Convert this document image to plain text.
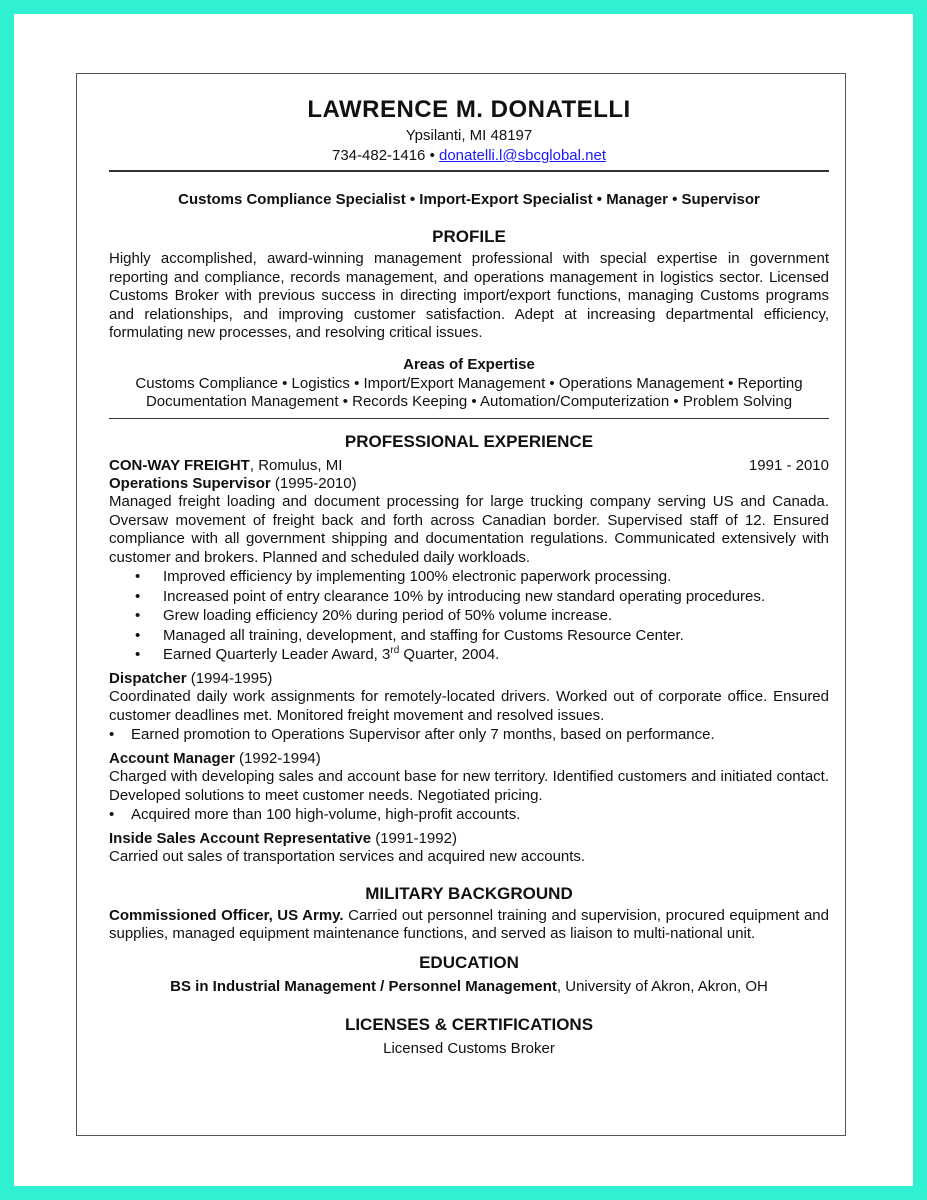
LAWRENCE M. DONATELLI
Ypsilanti, MI 48197
734-482-1416 • donatelli.l@sbcglobal.net
Customs Compliance Specialist • Import-Export Specialist • Manager • Supervisor
PROFILE
Highly accomplished, award-winning management professional with special expertise in government reporting and compliance, records management, and operations management in logistics sector. Licensed Customs Broker with previous success in directing import/export functions, managing Customs programs and relationships, and improving customer satisfaction. Adept at increasing departmental efficiency, formulating new processes, and resolving critical issues.
Areas of Expertise
Customs Compliance • Logistics • Import/Export Management • Operations Management • Reporting
Documentation Management • Records Keeping • Automation/Computerization • Problem Solving
PROFESSIONAL EXPERIENCE
CON-WAY FREIGHT, Romulus, MI	1991 - 2010
Operations Supervisor (1995-2010)
Managed freight loading and document processing for large trucking company serving US and Canada. Oversaw movement of freight back and forth across Canadian border. Supervised staff of 12. Ensured compliance with all government shipping and documentation regulations. Communicated extensively with customer and brokers. Planned and scheduled daily workloads.
• Improved efficiency by implementing 100% electronic paperwork processing.
• Increased point of entry clearance 10% by introducing new standard operating procedures.
• Grew loading efficiency 20% during period of 50% volume increase.
• Managed all training, development, and staffing for Customs Resource Center.
• Earned Quarterly Leader Award, 3rd Quarter, 2004.
Dispatcher (1994-1995)
Coordinated daily work assignments for remotely-located drivers. Worked out of corporate office. Ensured customer deadlines met. Monitored freight movement and resolved issues.
• Earned promotion to Operations Supervisor after only 7 months, based on performance.
Account Manager (1992-1994)
Charged with developing sales and account base for new territory. Identified customers and initiated contact. Developed solutions to meet customer needs. Negotiated pricing.
• Acquired more than 100 high-volume, high-profit accounts.
Inside Sales Account Representative (1991-1992)
Carried out sales of transportation services and acquired new accounts.
MILITARY BACKGROUND
Commissioned Officer, US Army. Carried out personnel training and supervision, procured equipment and supplies, managed equipment maintenance functions, and served as liaison to multi-national unit.
EDUCATION
BS in Industrial Management / Personnel Management, University of Akron, Akron, OH
LICENSES & CERTIFICATIONS
Licensed Customs Broker
